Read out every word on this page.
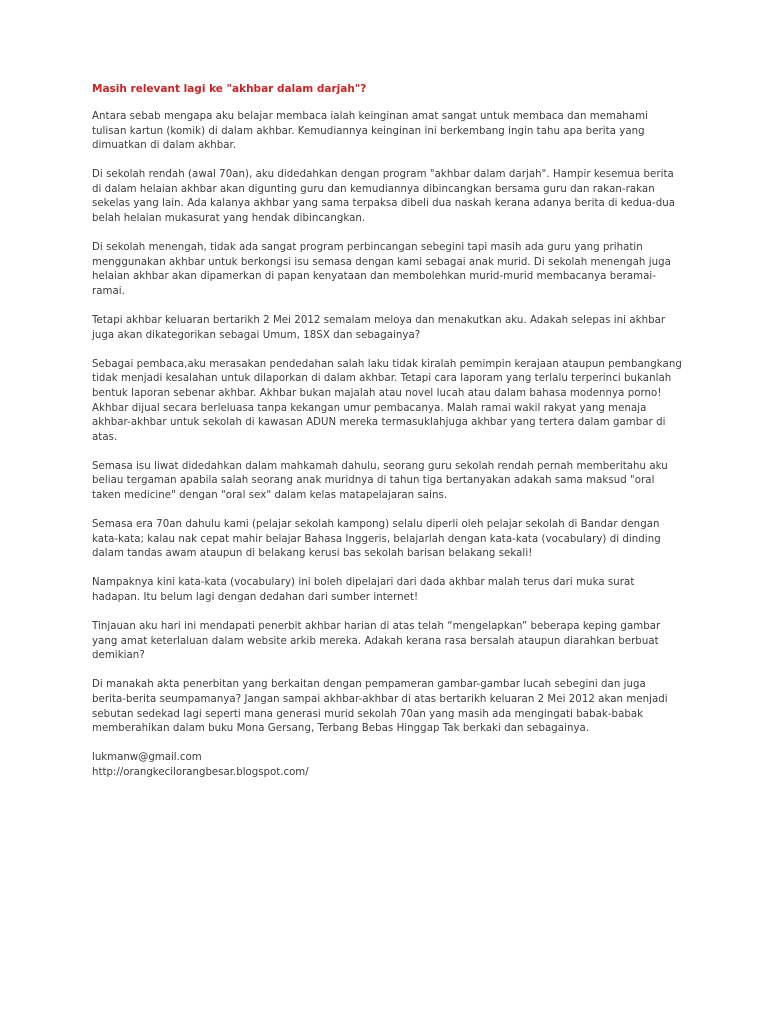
Masih relevant lagi ke "akhbar dalam darjah"?

Antara sebab mengapa aku belajar membaca ialah keinginan amat sangat untuk membaca dan memahami tulisan kartun (komik) di dalam akhbar. Kemudiannya keinginan ini berkembang ingin tahu apa berita yang dimuatkan di dalam akhbar.

Di sekolah rendah (awal 70an), aku didedahkan dengan program "akhbar dalam darjah". Hampir kesemua berita di dalam helaian akhbar akan digunting guru dan kemudiannya dibincangkan bersama guru dan rakan-rakan sekelas yang lain. Ada kalanya akhbar yang sama terpaksa dibeli dua naskah kerana adanya berita di kedua-dua belah helaian mukasurat yang hendak dibincangkan.

Di sekolah menengah, tidak ada sangat program perbincangan sebegini tapi masih ada guru yang prihatin menggunakan akhbar untuk berkongsi isu semasa dengan kami sebagai anak murid. Di sekolah menengah juga helaian akhbar akan dipamerkan di papan kenyataan dan membolehkan murid-murid membacanya beramai-ramai.

Tetapi akhbar keluaran bertarikh 2 Mei 2012 semalam meloya dan menakutkan aku. Adakah selepas ini akhbar juga akan dikategorikan sebagai Umum, 18SX dan sebagainya?

Sebagai pembaca,aku merasakan pendedahan salah laku tidak kiralah pemimpin kerajaan ataupun pembangkang tidak menjadi kesalahan untuk dilaporkan di dalam akhbar. Tetapi cara laporam yang terlalu terperinci bukanlah bentuk laporan sebenar akhbar. Akhbar bukan majalah atau novel lucah atau dalam bahasa modennya porno! Akhbar dijual secara berleluasa tanpa kekangan umur pembacanya. Malah ramai wakil rakyat yang menaja akhbar-akhbar untuk sekolah di kawasan ADUN mereka termasuklahjuga akhbar yang tertera dalam gambar di atas.

Semasa isu liwat didedahkan dalam mahkamah dahulu, seorang guru sekolah rendah pernah memberitahu aku beliau tergaman apabila salah seorang anak muridnya di tahun tiga bertanyakan adakah sama maksud "oral taken medicine" dengan "oral sex" dalam kelas matapelajaran sains.

Semasa era 70an dahulu kami (pelajar sekolah kampong) selalu diperli oleh pelajar sekolah di Bandar dengan kata-kata; kalau nak cepat mahir belajar Bahasa Inggeris, belajarlah dengan kata-kata (vocabulary) di dinding dalam tandas awam ataupun di belakang kerusi bas sekolah barisan belakang sekali!

Nampaknya kini kata-kata (vocabulary) ini boleh dipelajari dari dada akhbar malah terus dari muka surat hadapan. Itu belum lagi dengan dedahan dari sumber internet!

Tinjauan aku hari ini mendapati penerbit akhbar harian di atas telah “mengelapkan” beberapa keping gambar yang amat keterlaluan dalam website arkib mereka. Adakah kerana rasa bersalah ataupun diarahkan berbuat demikian?

Di manakah akta penerbitan yang berkaitan dengan pempameran gambar-gambar lucah sebegini dan juga berita-berita seumpamanya? Jangan sampai akhbar-akhbar di atas bertarikh keluaran 2 Mei 2012 akan menjadi sebutan sedekad lagi seperti mana generasi murid sekolah 70an yang masih ada mengingati babak-babak memberahikan dalam buku Mona Gersang, Terbang Bebas Hinggap Tak berkaki dan sebagainya.

lukmanw@gmail.com
http://orangkecilorangbesar.blogspot.com/
